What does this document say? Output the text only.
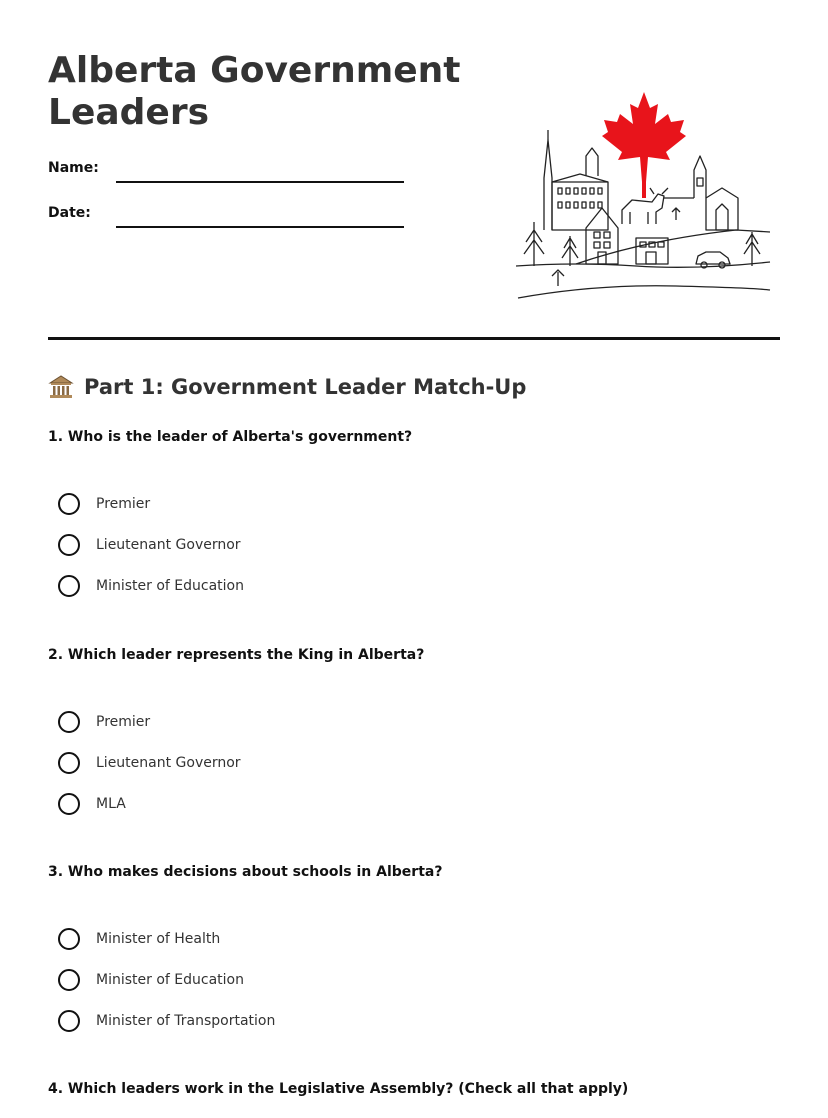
Alberta Government Leaders
Name:
Date:
Part 1: Government Leader Match-Up

1. Who is the leader of Alberta's government?

Premier
Lieutenant Governor
Minister of Education

2. Which leader represents the King in Alberta?

Premier
Lieutenant Governor
MLA

3. Who makes decisions about schools in Alberta?

Minister of Health
Minister of Education
Minister of Transportation

4. Which leaders work in the Legislative Assembly? (Check all that apply)
